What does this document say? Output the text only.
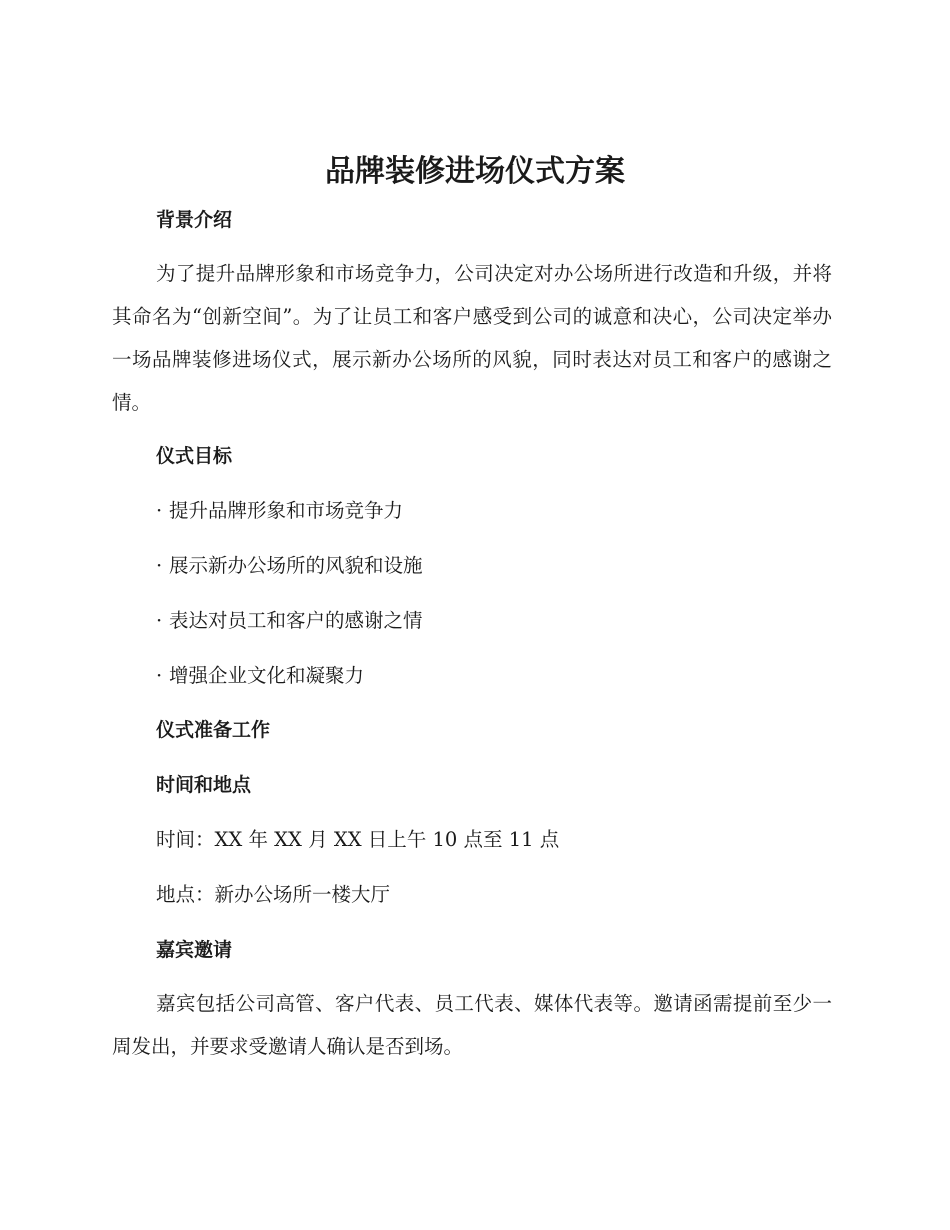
品牌装修进场仪式方案
背景介绍

为了提升品牌形象和市场竞争力，公司决定对办公场所进行改造和升级，并将其命名为“创新空间”。为了让员工和客户感受到公司的诚意和决心，公司决定举办一场品牌装修进场仪式，展示新办公场所的风貌，同时表达对员工和客户的感谢之情。

仪式目标
· 提升品牌形象和市场竞争力
· 展示新办公场所的风貌和设施
· 表达对员工和客户的感谢之情
· 增强企业文化和凝聚力
仪式准备工作
时间和地点
时间：XX 年 XX 月 XX 日上午 10 点至 11 点
地点：新办公场所一楼大厅
嘉宾邀请

嘉宾包括公司高管、客户代表、员工代表、媒体代表等。邀请函需提前至少一周发出，并要求受邀请人确认是否到场。
